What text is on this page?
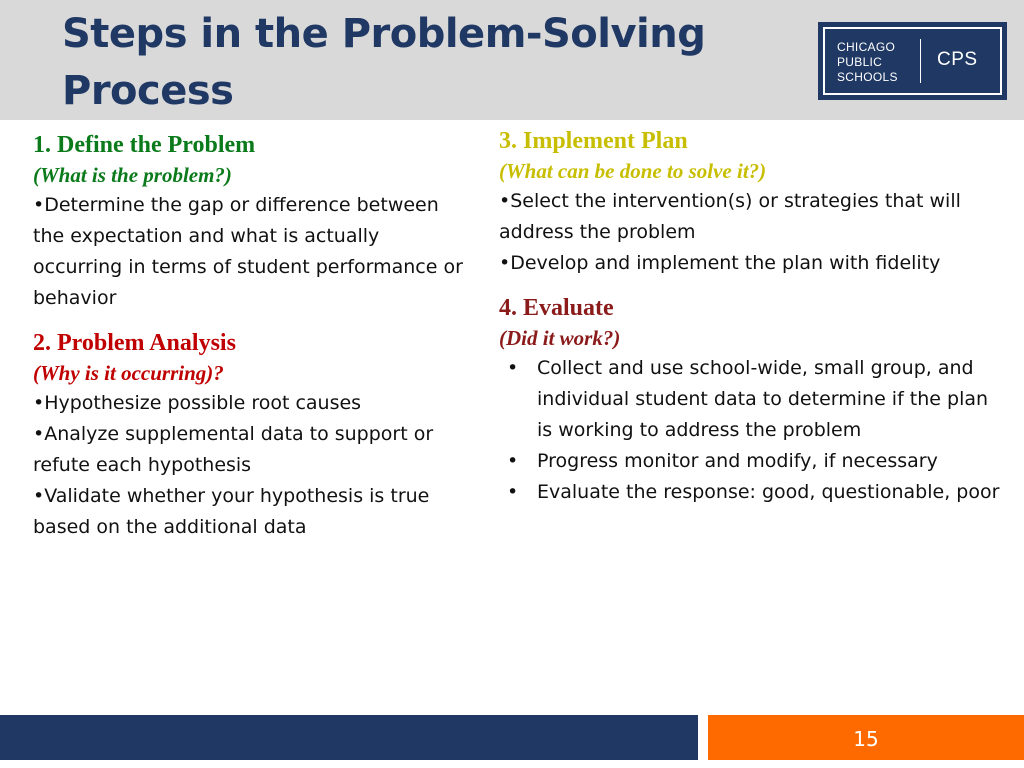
Steps in the Problem-Solving
Process
CHICAGO
PUBLIC
SCHOOLS
CPS

1. Define the Problem

(What is the problem?)

•Determine the gap or difference between the expectation and what is actually occurring in terms of student performance or behavior

2. Problem Analysis

(Why is it occurring)?

•Hypothesize possible root causes

•Analyze supplemental data to support or refute each hypothesis

•Validate whether your hypothesis is true based on the additional data

3. Implement Plan

(What can be done to solve it?)

•Select the intervention(s) or strategies that will address the problem

•Develop and implement the plan with fidelity

4. Evaluate

(Did it work?)

• Collect and use school-wide, small group, and individual student data to determine if the plan is working to address the problem
• Progress monitor and modify, if necessary
• Evaluate the response: good, questionable, poor
15
